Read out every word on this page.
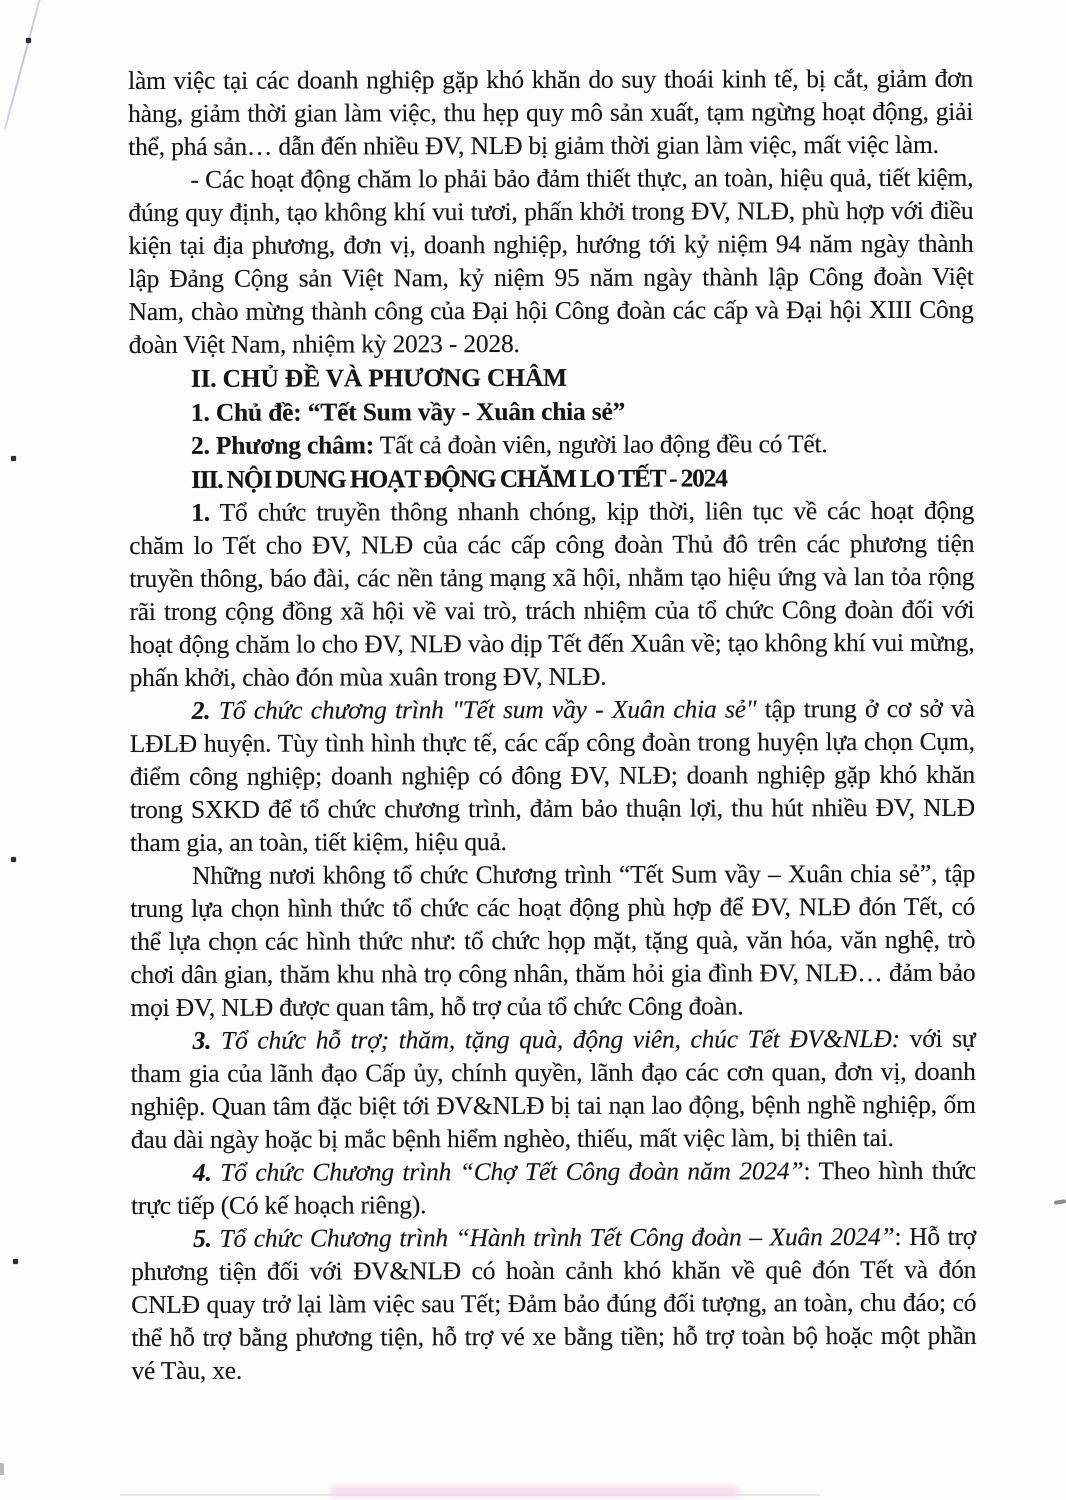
làm việc tại các doanh nghiệp gặp khó khăn do suy thoái kinh tế, bị cắt, giảm đơn hàng, giảm thời gian làm việc, thu hẹp quy mô sản xuất, tạm ngừng hoạt động, giải thể, phá sản… dẫn đến nhiều ĐV, NLĐ bị giảm thời gian làm việc, mất việc làm.

- Các hoạt động chăm lo phải bảo đảm thiết thực, an toàn, hiệu quả, tiết kiệm, đúng quy định, tạo không khí vui tươi, phấn khởi trong ĐV, NLĐ, phù hợp với điều kiện tại địa phương, đơn vị, doanh nghiệp, hướng tới kỷ niệm 94 năm ngày thành lập Đảng Cộng sản Việt Nam, kỷ niệm 95 năm ngày thành lập Công đoàn Việt Nam, chào mừng thành công của Đại hội Công đoàn các cấp và Đại hội XIII Công đoàn Việt Nam, nhiệm kỳ 2023 - 2028.

II. CHỦ ĐỀ VÀ PHƯƠNG CHÂM

1. Chủ đề: “Tết Sum vầy - Xuân chia sẻ”

2. Phương châm: Tất cả đoàn viên, người lao động đều có Tết.

III. NỘI DUNG HOẠT ĐỘNG CHĂM LO TẾT - 2024

1. Tổ chức truyền thông nhanh chóng, kịp thời, liên tục về các hoạt động chăm lo Tết cho ĐV, NLĐ của các cấp công đoàn Thủ đô trên các phương tiện truyền thông, báo đài, các nền tảng mạng xã hội, nhằm tạo hiệu ứng và lan tỏa rộng rãi trong cộng đồng xã hội về vai trò, trách nhiệm của tổ chức Công đoàn đối với hoạt động chăm lo cho ĐV, NLĐ vào dịp Tết đến Xuân về; tạo không khí vui mừng, phấn khởi, chào đón mùa xuân trong ĐV, NLĐ.

2. Tổ chức chương trình "Tết sum vầy - Xuân chia sẻ" tập trung ở cơ sở và LĐLĐ huyện. Tùy tình hình thực tế, các cấp công đoàn trong huyện lựa chọn Cụm, điểm công nghiệp; doanh nghiệp có đông ĐV, NLĐ; doanh nghiệp gặp khó khăn trong SXKD để tổ chức chương trình, đảm bảo thuận lợi, thu hút nhiều ĐV, NLĐ tham gia, an toàn, tiết kiệm, hiệu quả.

Những nươi không tổ chức Chương trình “Tết Sum vầy – Xuân chia sẻ”, tập trung lựa chọn hình thức tổ chức các hoạt động phù hợp để ĐV, NLĐ đón Tết, có thể lựa chọn các hình thức như: tổ chức họp mặt, tặng quà, văn hóa, văn nghệ, trò chơi dân gian, thăm khu nhà trọ công nhân, thăm hỏi gia đình ĐV, NLĐ… đảm bảo mọi ĐV, NLĐ được quan tâm, hỗ trợ của tổ chức Công đoàn.

3. Tổ chức hỗ trợ; thăm, tặng quà, động viên, chúc Tết ĐV&NLĐ: với sự tham gia của lãnh đạo Cấp ủy, chính quyền, lãnh đạo các cơn quan, đơn vị, doanh nghiệp. Quan tâm đặc biệt tới ĐV&NLĐ bị tai nạn lao động, bệnh nghề nghiệp, ốm đau dài ngày hoặc bị mắc bệnh hiểm nghèo, thiếu, mất việc làm, bị thiên tai.

4. Tổ chức Chương trình “Chợ Tết Công đoàn năm 2024”: Theo hình thức trực tiếp (Có kế hoạch riêng).

5. Tổ chức Chương trình “Hành trình Tết Công đoàn – Xuân 2024”: Hỗ trợ phương tiện đối với ĐV&NLĐ có hoàn cảnh khó khăn về quê đón Tết và đón CNLĐ quay trở lại làm việc sau Tết; Đảm bảo đúng đối tượng, an toàn, chu đáo; có thể hỗ trợ bằng phương tiện, hỗ trợ vé xe bằng tiền; hỗ trợ toàn bộ hoặc một phần vé Tàu, xe.
